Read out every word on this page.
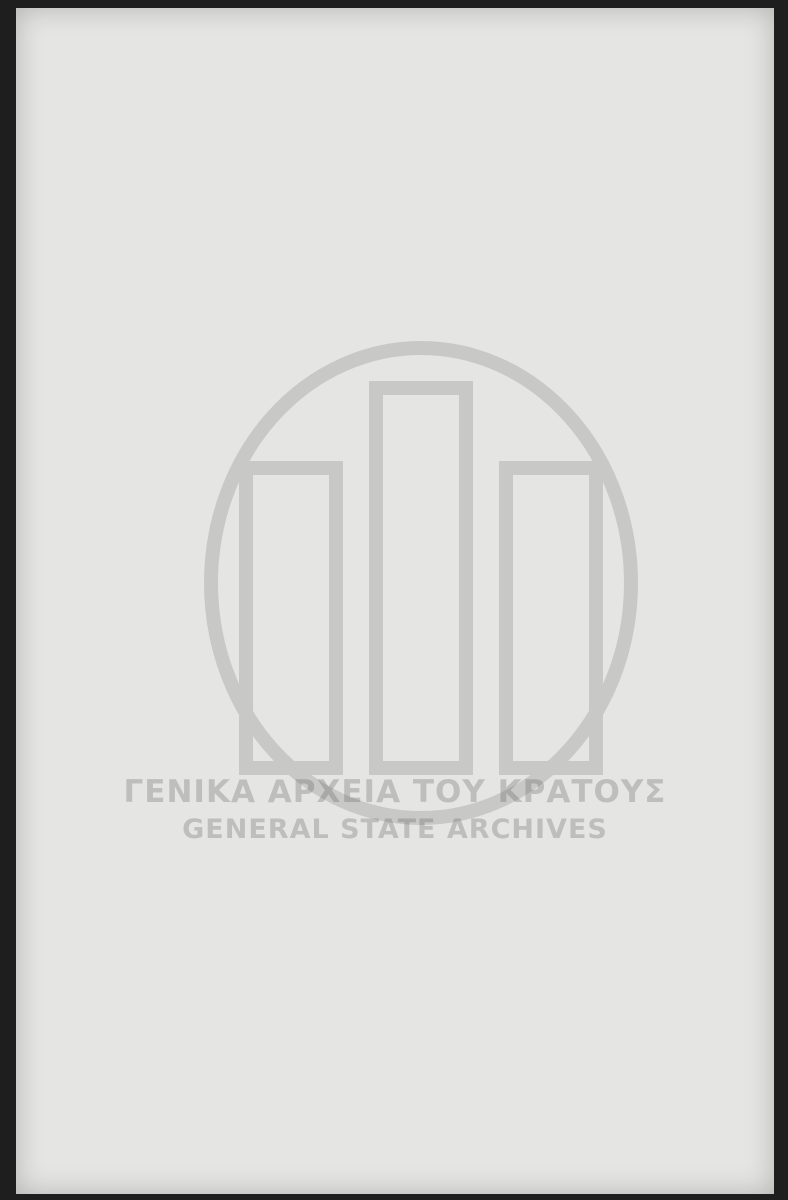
ΓΕΝΙΚΑ ΑΡΧΕΙΑ ΤΟΥ ΚΡΑΤΟΥΣ
GENERAL STATE ARCHIVES
